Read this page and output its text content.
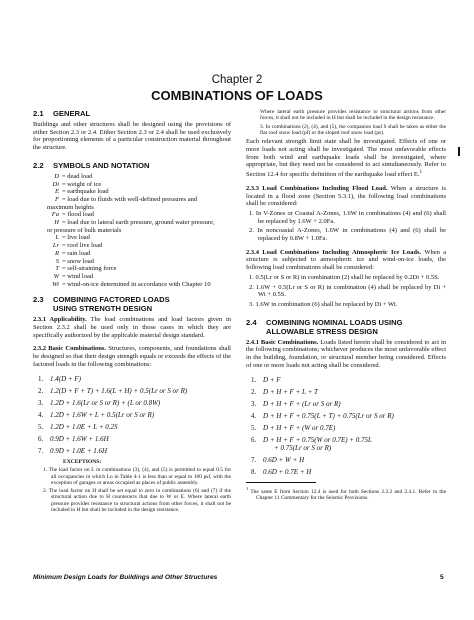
Chapter 2
COMBINATIONS OF LOADS
2.1 GENERAL

Buildings and other structures shall be designed using the provisions of either Section 2.3 or 2.4. Either Section 2.3 or 2.4 shall be used exclusively for proportioning elements of a particular construction material throughout the structure.

2.2 SYMBOLS AND NOTATION
D = dead load
Di = weight of ice
E = earthquake load
F = load due to fluids with well-defined pressures and
maximum heights
Fa = flood load
H = load due to lateral earth pressure, ground water pressure,
or pressure of bulk materials
L = live load
Lr = roof live load
R = rain load
S = snow load
T = self-straining force
W = wind load
Wi = wind-on-ice determined in accordance with Chapter 10
2.3 COMBINING FACTORED LOADS
USING STRENGTH DESIGN

2.3.1 Applicability. The load combinations and load factors given in Section 2.3.2 shall be used only in those cases in which they are specifically authorized by the applicable material design standard.

2.3.2 Basic Combinations. Structures, components, and foundations shall be designed so that their design strength equals or exceeds the effects of the factored loads in the following combinations:

1. 1.4(D + F)
2. 1.2(D + F + T) + 1.6(L + H) + 0.5(Lr or S or R)
3. 1.2D + 1.6(Lr or S or R) + (L or 0.8W)
4. 1.2D + 1.6W + L + 0.5(Lr or S or R)
5. 1.2D + 1.0E + L + 0.2S
6. 0.9D + 1.6W + 1.6H
7. 0.9D + 1.0E + 1.6H
EXCEPTIONS:
1. The load factor on L in combinations (3), (4), and (5) is permitted to equal 0.5 for all occupancies in which Lo in Table 4-1 is less than or equal to 100 psf, with the exception of garages or areas occupied as places of public assembly.
2. The load factor on H shall be set equal to zero in combinations (6) and (7) if the structural action due to H counteracts that due to W or E. Where lateral earth pressure provides resistance to structural actions from other forces, it shall not be included in H but shall be included in the design resistance.
Where lateral earth pressure provides resistance to structural actions from other forces, it shall not be included in H but shall be included in the design resistance.
3. In combinations (2), (4), and (5), the companion load S shall be taken as either the flat roof snow load (pf) or the sloped roof snow load (ps).

Each relevant strength limit state shall be investigated. Effects of one or more loads not acting shall be investigated. The most unfavorable effects from both wind and earthquake loads shall be investigated, where appropriate, but they need not be considered to act simultaneously. Refer to Section 12.4 for specific definition of the earthquake load effect E.$^1$

2.3.3 Load Combinations Including Flood Load. When a structure is located in a flood zone (Section 5.3.1), the following load combinations shall be considered:

1. In V-Zones or Coastal A-Zones, 1.6W in combinations (4) and (6) shall be replaced by 1.6W + 2.0Fa.
2. In noncoastal A-Zones, 1.6W in combinations (4) and (6) shall be replaced by 0.8W + 1.0Fa.

2.3.4 Load Combinations Including Atmospheric Ice Loads. When a structure is subjected to atmospheric ice and wind-on-ice loads, the following load combinations shall be considered:

1. 0.5(Lr or S or R) in combination (2) shall be replaced by 0.2Di + 0.5S.
2. 1.6W + 0.5(Lr or S or R) in combination (4) shall be replaced by Di + Wi + 0.5S.
3. 1.6W in combination (6) shall be replaced by Di + Wi.
2.4 COMBINING NOMINAL LOADS USING
ALLOWABLE STRESS DESIGN

2.4.1 Basic Combinations. Loads listed herein shall be considered to act in the following combinations; whichever produces the most unfavorable effect in the building, foundation, or structural member being considered. Effects of one or more loads not acting shall be considered.

1. D + F
2. D + H + F + L + T
3. D + H + F + (Lr or S or R)
4. D + H + F + 0.75(L + T) + 0.75(Lr or S or R)
5. D + H + F + (W or 0.7E)
6. D + H + F + 0.75(W or 0.7E) + 0.75L
+ 0.75(Lr or S or R)
7. 0.6D + W + H
8. 0.6D + 0.7E + H
$^1$ The same E from Section 12.4 is used for both Sections 2.3.2 and 2.4.1. Refer to the Chapter 11 Commentary for the Seismic Provisions.
Minimum Design Loads for Buildings and Other Structures	5
